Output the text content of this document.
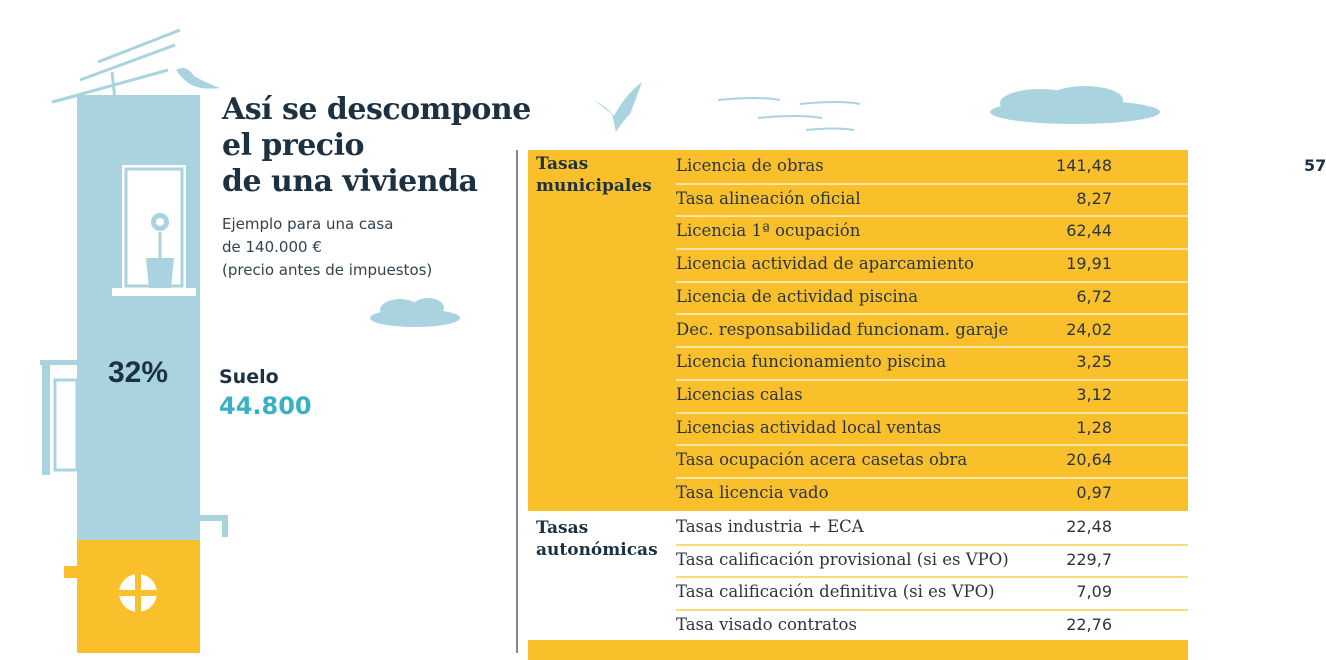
Así se descompone
el precio
de una vivienda
Ejemplo para una casa
de 140.000 €
(precio antes de impuestos)
32%	Suelo
44.800
Tasas
municipales
Licencia de obras	141,48	57
Tasa alineación oficial	8,27
Licencia 1ª ocupación	62,44
Licencia actividad de aparcamiento	19,91
Licencia de actividad piscina	6,72
Dec. responsabilidad funcionam. garaje	24,02
Licencia funcionamiento piscina	3,25
Licencias calas	3,12
Licencias actividad local ventas	1,28
Tasa ocupación acera casetas obra	20,64
Tasa licencia vado	0,97
Tasas
autonómicas
Tasas industria + ECA	22,48
Tasa calificación provisional (si es VPO)	229,7
Tasa calificación definitiva (si es VPO)	7,09
Tasa visado contratos	22,76
